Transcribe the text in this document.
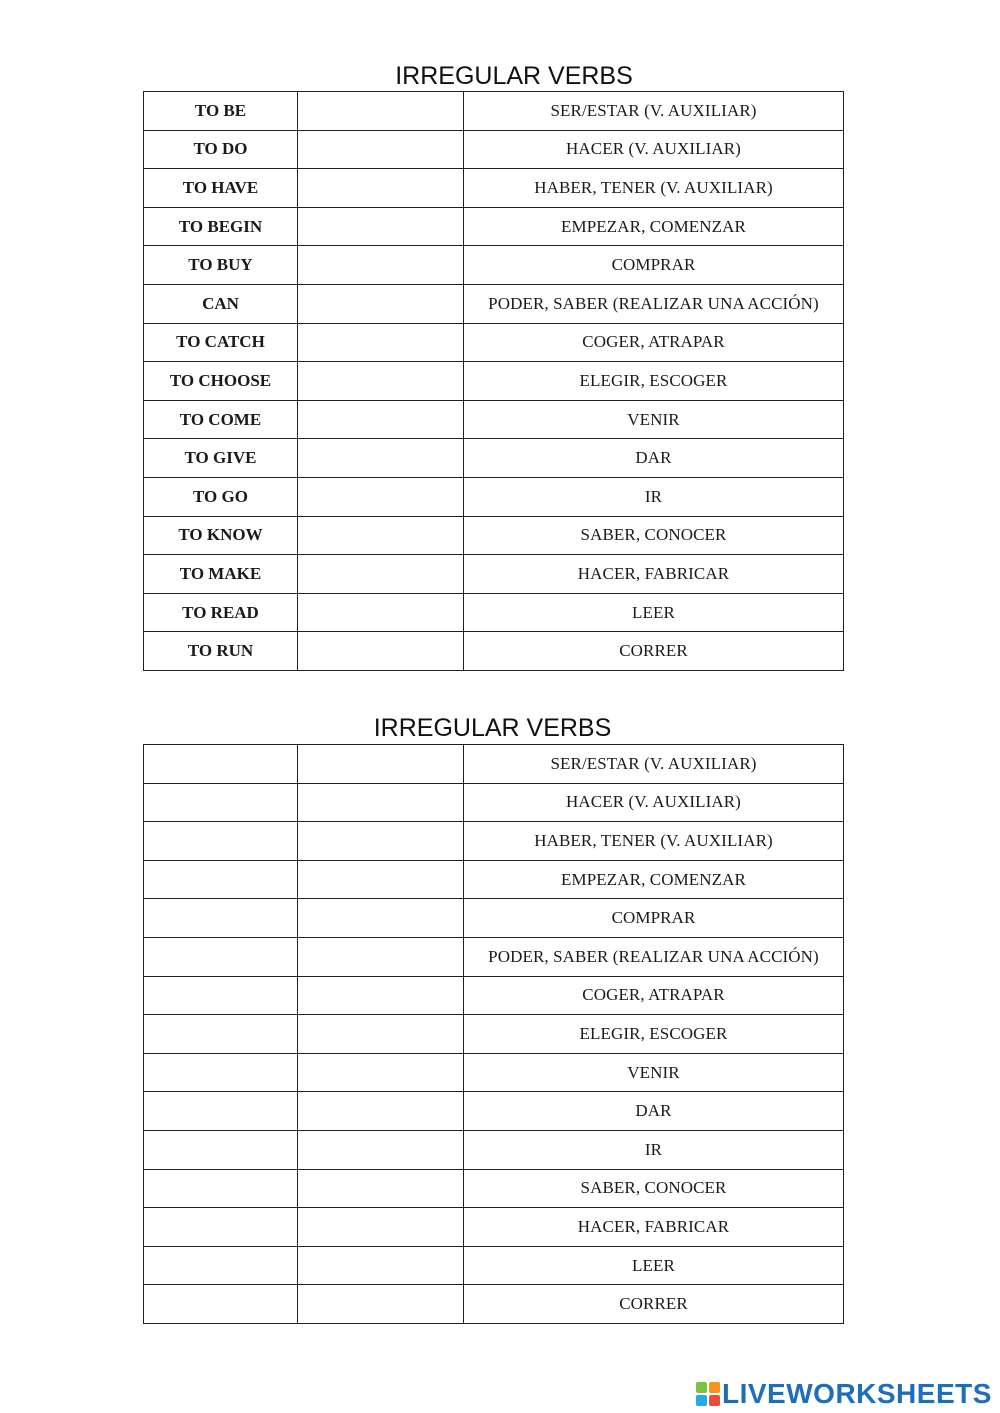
IRREGULAR VERBS
TO BE		SER/ESTAR (V. AUXILIAR)
TO DO		HACER (V. AUXILIAR)
TO HAVE		HABER, TENER (V. AUXILIAR)
TO BEGIN		EMPEZAR, COMENZAR
TO BUY		COMPRAR
CAN		PODER, SABER (REALIZAR UNA ACCIÓN)
TO CATCH		COGER, ATRAPAR
TO CHOOSE		ELEGIR, ESCOGER
TO COME		VENIR
TO GIVE		DAR
TO GO		IR
TO KNOW		SABER, CONOCER
TO MAKE		HACER, FABRICAR
TO READ		LEER
TO RUN		CORRER
IRREGULAR VERBS
		SER/ESTAR (V. AUXILIAR)
		HACER (V. AUXILIAR)
		HABER, TENER (V. AUXILIAR)
		EMPEZAR, COMENZAR
		COMPRAR
		PODER, SABER (REALIZAR UNA ACCIÓN)
		COGER, ATRAPAR
		ELEGIR, ESCOGER
		VENIR
		DAR
		IR
		SABER, CONOCER
		HACER, FABRICAR
		LEER
		CORRER
LIVEWORKSHEETS
